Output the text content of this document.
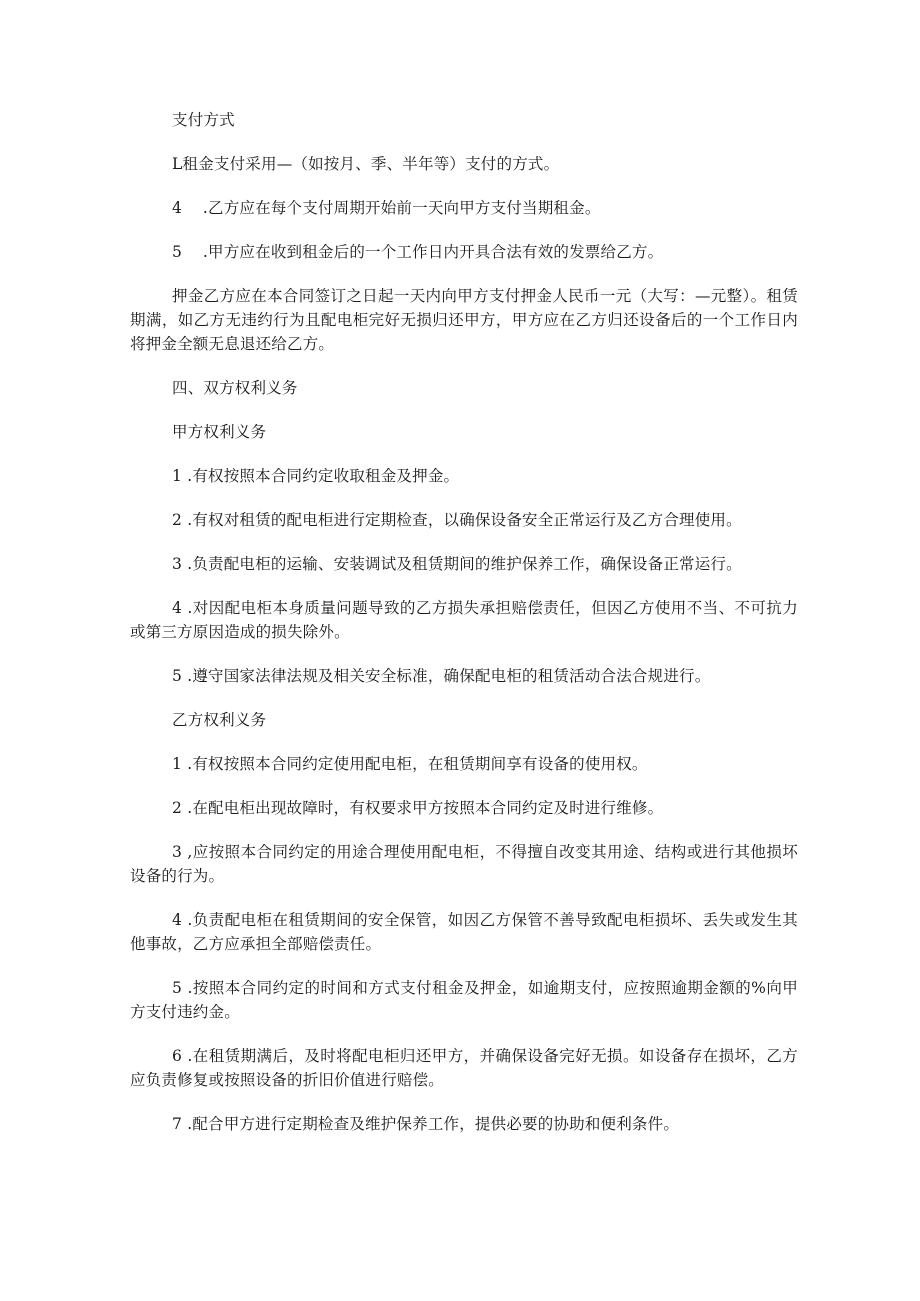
支付方式

L租金支付采用—（如按月、季、半年等）支付的方式。

4　 .乙方应在每个支付周期开始前一天向甲方支付当期租金。

5　 .甲方应在收到租金后的一个工作日内开具合法有效的发票给乙方。

押金乙方应在本合同签订之日起一天内向甲方支付押金人民币一元（大写：—元整）。租赁期满，如乙方无违约行为且配电柜完好无损归还甲方，甲方应在乙方归还设备后的一个工作日内将押金全额无息退还给乙方。

四、双方权利义务

甲方权利义务

1 .有权按照本合同约定收取租金及押金。

2 .有权对租赁的配电柜进行定期检查，以确保设备安全正常运行及乙方合理使用。

3 .负责配电柜的运输、安装调试及租赁期间的维护保养工作，确保设备正常运行。

4 .对因配电柜本身质量问题导致的乙方损失承担赔偿责任，但因乙方使用不当、不可抗力或第三方原因造成的损失除外。

5 .遵守国家法律法规及相关安全标准，确保配电柜的租赁活动合法合规进行。

乙方权利义务

1 .有权按照本合同约定使用配电柜，在租赁期间享有设备的使用权。

2 .在配电柜出现故障时，有权要求甲方按照本合同约定及时进行维修。

3 ,应按照本合同约定的用途合理使用配电柜，不得擅自改变其用途、结构或进行其他损坏设备的行为。

4 .负责配电柜在租赁期间的安全保管，如因乙方保管不善导致配电柜损坏、丢失或发生其他事故，乙方应承担全部赔偿责任。

5 .按照本合同约定的时间和方式支付租金及押金，如逾期支付，应按照逾期金额的%向甲方支付违约金。

6 .在租赁期满后，及时将配电柜归还甲方，并确保设备完好无损。如设备存在损坏，乙方应负责修复或按照设备的折旧价值进行赔偿。

7 .配合甲方进行定期检查及维护保养工作，提供必要的协助和便利条件。
